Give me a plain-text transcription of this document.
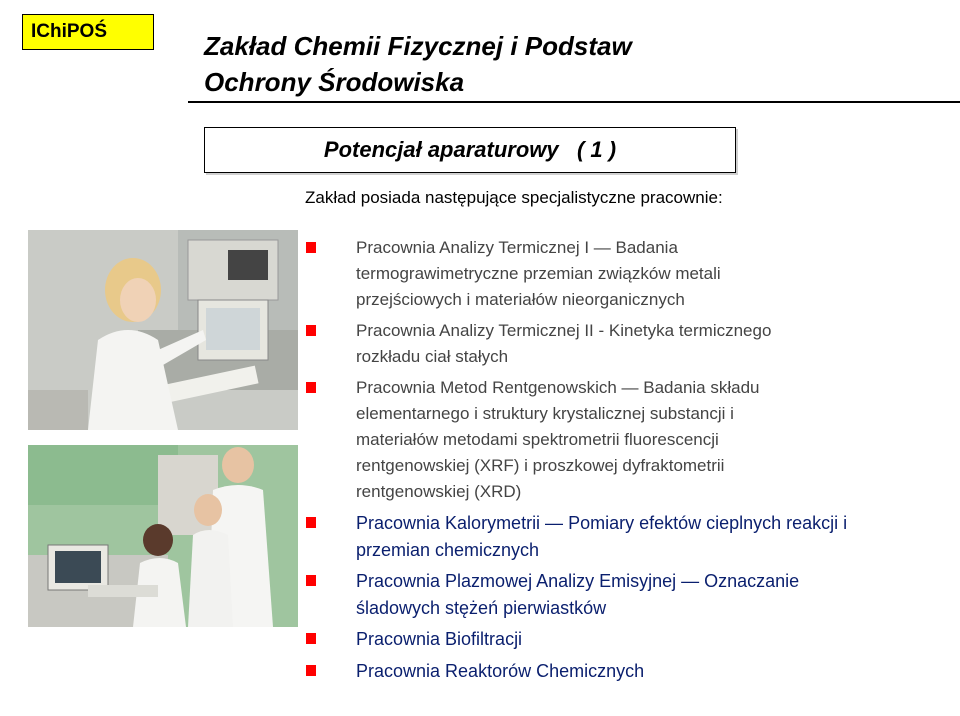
IChiPOŚ	Zakład Chemii Fizycznej i Podstaw
Ochrony Środowiska
Potencjał aparaturowy   ( 1 )
Zakład posiada następujące specjalistyczne pracownie:
Pracownia Analizy Termicznej I — Badania
termograwimetryczne przemian związków metali
przejściowych i materiałów nieorganicznych
Pracownia Analizy Termicznej II - Kinetyka termicznego
rozkładu ciał stałych
Pracownia Metod Rentgenowskich — Badania składu
elementarnego i struktury krystalicznej substancji i
materiałów metodami spektrometrii fluorescencji
rentgenowskiej (XRF) i proszkowej dyfraktometrii
rentgenowskiej (XRD)
Pracownia Kalorymetrii — Pomiary efektów cieplnych reakcji i
przemian chemicznych
Pracownia Plazmowej Analizy Emisyjnej — Oznaczanie
śladowych stężeń pierwiastków
Pracownia Biofiltracji
Pracownia Reaktorów Chemicznych
